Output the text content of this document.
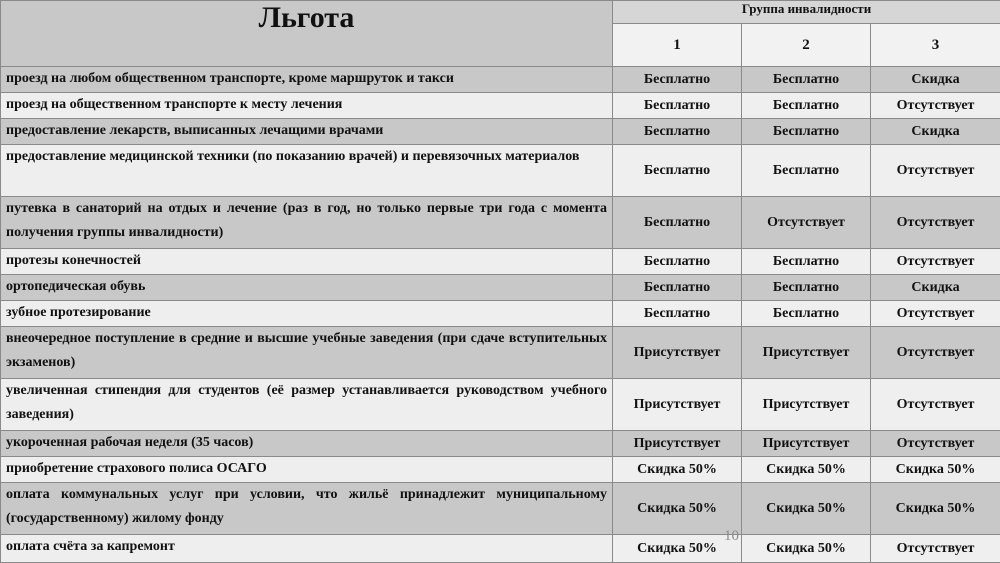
Льгота	Группа инвалидности		
	1	2	3
проезд на любом общественном транспорте, кроме маршруток и такси	Бесплатно	Бесплатно	Скидка
проезд на общественном транспорте к месту лечения	Бесплатно	Бесплатно	Отсутствует
предоставление лекарств, выписанных лечащими врачами	Бесплатно	Бесплатно	Скидка
предоставление медицинской техники (по показанию врачей) и перевязочных материалов	Бесплатно	Бесплатно	Отсутствует
путевка в санаторий на отдых и лечение (раз в год, но только первые три года с момента получения группы инвалидности)	Бесплатно	Отсутствует	Отсутствует
протезы конечностей	Бесплатно	Бесплатно	Отсутствует
ортопедическая обувь	Бесплатно	Бесплатно	Скидка
зубное протезирование	Бесплатно	Бесплатно	Отсутствует
внеочередное поступление в средние и высшие учебные заведения (при сдаче вступительных экзаменов)	Присутствует	Присутствует	Отсутствует
увеличенная стипендия для студентов (её размер устанавливается руководством учебного заведения)	Присутствует	Присутствует	Отсутствует
укороченная рабочая неделя (35 часов)	Присутствует	Присутствует	Отсутствует
приобретение страхового полиса ОСАГО	Скидка 50%	Скидка 50%	Скидка 50%
оплата коммунальных услуг при условии, что жильё принадлежит муниципальному (государственному) жилому фонду	Скидка 50%	Скидка 50%	Скидка 50%
оплата счёта за капремонт	Скидка 50%	Скидка 50%	Отсутствует
10
